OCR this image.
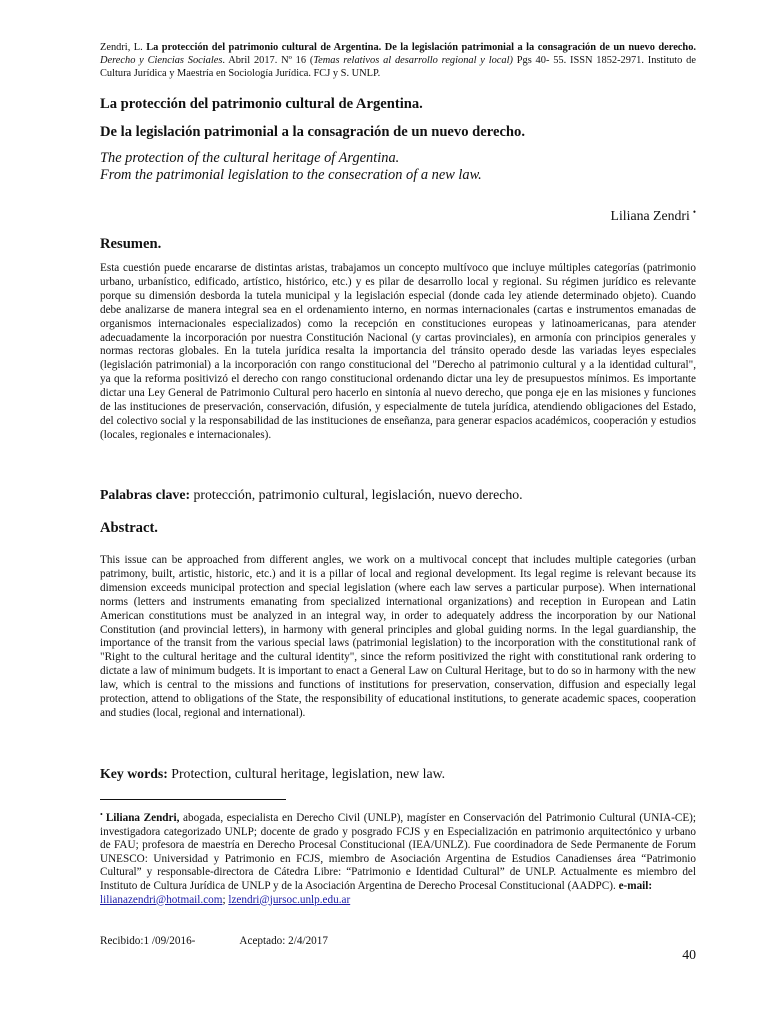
Zendri, L. La protección del patrimonio cultural de Argentina. De la legislación patrimonial a la consagración de un nuevo derecho. Derecho y Ciencias Sociales. Abril 2017. Nº 16 (Temas relativos al desarrollo regional y local) Pgs 40- 55. ISSN 1852-2971. Instituto de Cultura Jurídica y Maestría en Sociología Jurídica. FCJ y S. UNLP.
La protección del patrimonio cultural de Argentina.
De la legislación patrimonial a la consagración de un nuevo derecho.
The protection of the cultural heritage of Argentina.
From the patrimonial legislation to the consecration of a new law.
Liliana Zendri •
Resumen.
Esta cuestión puede encararse de distintas aristas, trabajamos un concepto multívoco que incluye múltiples categorías (patrimonio urbano, urbanístico, edificado, artístico, histórico, etc.) y es pilar de desarrollo local y regional. Su régimen jurídico es relevante porque su dimensión desborda la tutela municipal y la legislación especial (donde cada ley atiende determinado objeto). Cuando debe analizarse de manera integral sea en el ordenamiento interno, en normas internacionales (cartas e instrumentos emanadas de organismos internacionales especializados) como la recepción en constituciones europeas y latinoamericanas, para atender adecuadamente la incorporación por nuestra Constitución Nacional (y cartas provinciales), en armonía con principios generales y normas rectoras globales. En la tutela jurídica resalta la importancia del tránsito operado desde las variadas leyes especiales (legislación patrimonial) a la incorporación con rango constitucional del "Derecho al patrimonio cultural y a la identidad cultural", ya que la reforma positivizó el derecho con rango constitucional ordenando dictar una ley de presupuestos mínimos. Es importante dictar una Ley General de Patrimonio Cultural pero hacerlo en sintonía al nuevo derecho, que ponga eje en las misiones y funciones de las instituciones de preservación, conservación, difusión, y especialmente de tutela jurídica, atendiendo obligaciones del Estado, del colectivo social y la responsabilidad de las instituciones de enseñanza, para generar espacios académicos, cooperación y estudios (locales, regionales e internacionales).
Palabras clave: protección, patrimonio cultural, legislación, nuevo derecho.
Abstract.
This issue can be approached from different angles, we work on a multivocal concept that includes multiple categories (urban patrimony, built, artistic, historic, etc.) and it is a pillar of local and regional development. Its legal regime is relevant because its dimension exceeds municipal protection and special legislation (where each law serves a particular purpose). When international norms (letters and instruments emanating from specialized international organizations) and reception in European and Latin American constitutions must be analyzed in an integral way, in order to adequately address the incorporation by our National Constitution (and provincial letters), in harmony with general principles and global guiding norms. In the legal guardianship, the importance of the transit from the various special laws (patrimonial legislation) to the incorporation with the constitutional rank of "Right to the cultural heritage and the cultural identity", since the reform positivized the right with constitutional rank ordering to dictate a law of minimum budgets. It is important to enact a General Law on Cultural Heritage, but to do so in harmony with the new law, which is central to the missions and functions of institutions for preservation, conservation, diffusion and especially legal protection, attend to obligations of the State, the responsibility of educational institutions, to generate academic spaces, cooperation and studies (local, regional and international).
Key words: Protection, cultural heritage, legislation, new law.
• Liliana Zendri, abogada, especialista en Derecho Civil (UNLP), magíster en Conservación del Patrimonio Cultural (UNIA-CE); investigadora categorizado UNLP; docente de grado y posgrado FCJS y en Especialización en patrimonio arquitectónico y urbano de FAU; profesora de maestría en Derecho Procesal Constitucional (IEA/UNLZ). Fue coordinadora de Sede Permanente de Forum UNESCO: Universidad y Patrimonio en FCJS, miembro de Asociación Argentina de Estudios Canadienses área “Patrimonio Cultural” y responsable-directora de Cátedra Libre: “Patrimonio e Identidad Cultural” de UNLP. Actualmente es miembro del Instituto de Cultura Jurídica de UNLP y de la Asociación Argentina de Derecho Procesal Constitucional (AADPC). e-mail:
lilianazendri@hotmail.com; lzendri@jursoc.unlp.edu.ar
Recibido:1 /09/2016-	Aceptado: 2/4/2017
40
